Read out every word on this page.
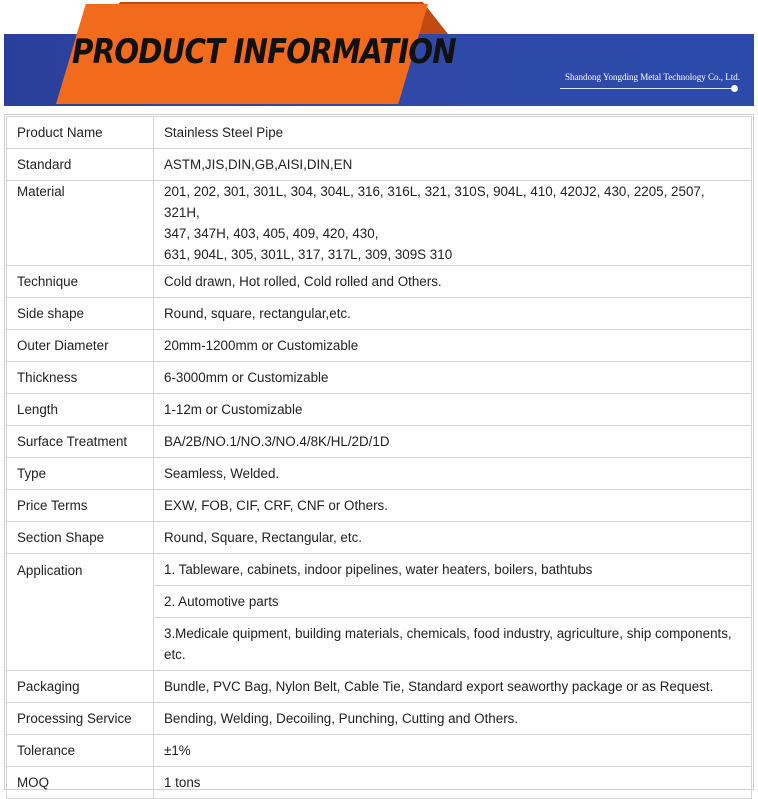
PRODUCT INFORMATION
Shandong Yongding Metal Technology Co., Ltd.
Product Name	Stainless Steel Pipe
Standard	ASTM,JIS,DIN,GB,AISI,DIN,EN
Material	201, 202, 301, 301L, 304, 304L, 316, 316L, 321, 310S, 904L, 410, 420J2, 430, 2205, 2507, 321H,
347, 347H, 403, 405, 409, 420, 430,
631, 904L, 305, 301L, 317, 317L, 309, 309S 310

Technique	Cold drawn, Hot rolled, Cold rolled and Others.
Side shape	Round, square, rectangular,etc.
Outer Diameter	20mm-1200mm or Customizable
Thickness	6-3000mm or Customizable
Length	1-12m or Customizable
Surface Treatment	BA/2B/NO.1/NO.3/NO.4/8K/HL/2D/1D
Type	Seamless, Welded.
Price Terms	EXW, FOB, CIF, CRF, CNF or Others.
Section Shape	Round, Square, Rectangular, etc.
Application	1. Tableware, cabinets, indoor pipelines, water heaters, boilers, bathtubs
	2. Automotive parts
	3.Medicale quipment, building materials, chemicals, food industry, agriculture, ship components, etc.
Packaging	Bundle, PVC Bag, Nylon Belt, Cable Tie, Standard export seaworthy package or as Request.
Processing Service	Bending, Welding, Decoiling, Punching, Cutting and Others.
Tolerance	±1%
MOQ	1 tons
